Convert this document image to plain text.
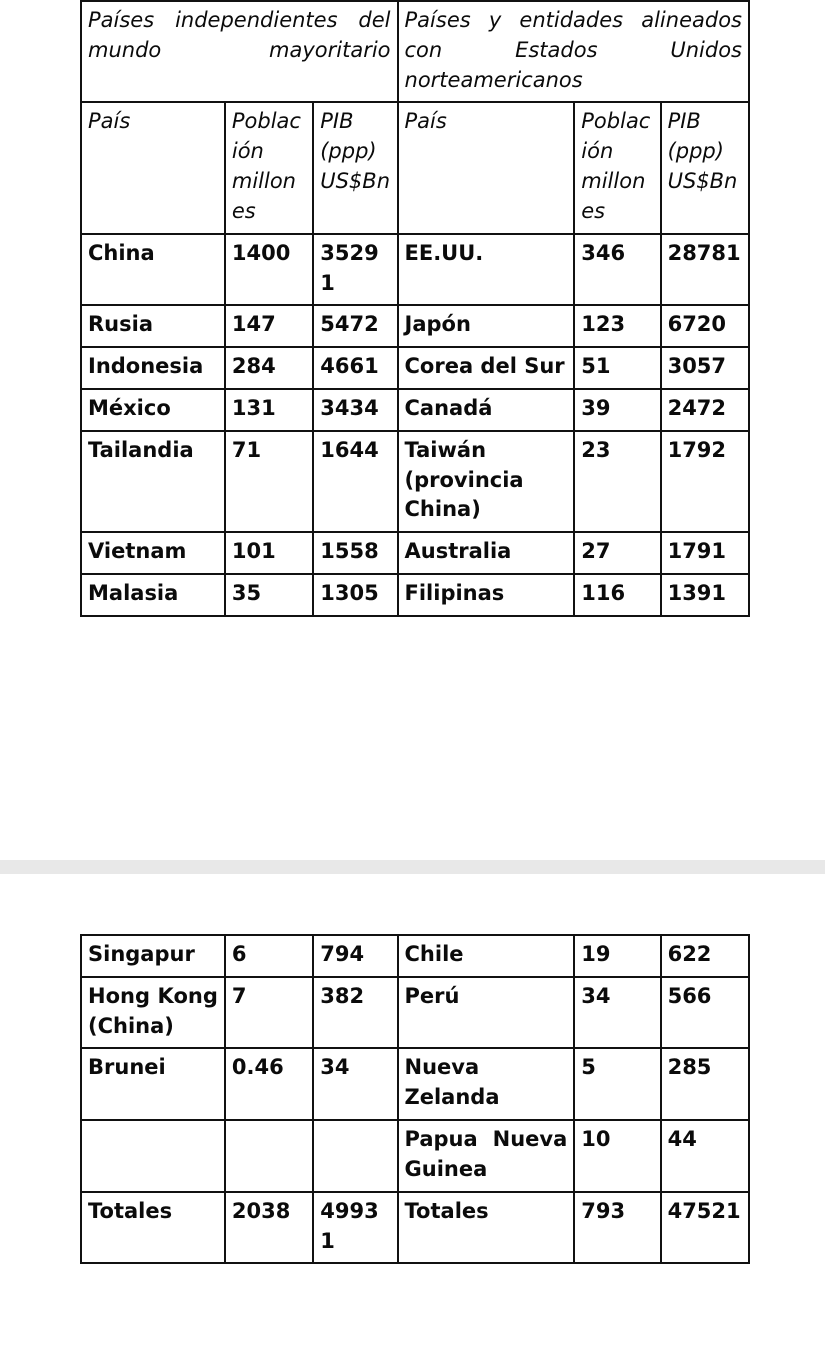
Países independientes del mundo mayoritario			Países y entidades alineados con Estados Unidos norteamericanos		
País	Población millones	PIB (ppp) US$Bn	País	Población millones	PIB (ppp) US$Bn
China	1400	35291	EE.UU.	346	28781
Rusia	147	5472	Japón	123	6720
Indonesia	284	4661	Corea del Sur	51	3057
México	131	3434	Canadá	39	2472
Tailandia	71	1644	Taiwán (provincia China)	23	1792
Vietnam	101	1558	Australia	27	1791
Malasia	35	1305	Filipinas	116	1391
Singapur	6	794	Chile	19	622
Hong Kong (China)	7	382	Perú	34	566
Brunei	0.46	34	Nueva Zelanda	5	285
			Papua Nueva Guinea	10	44
Totales	2038	49931	Totales	793	47521
